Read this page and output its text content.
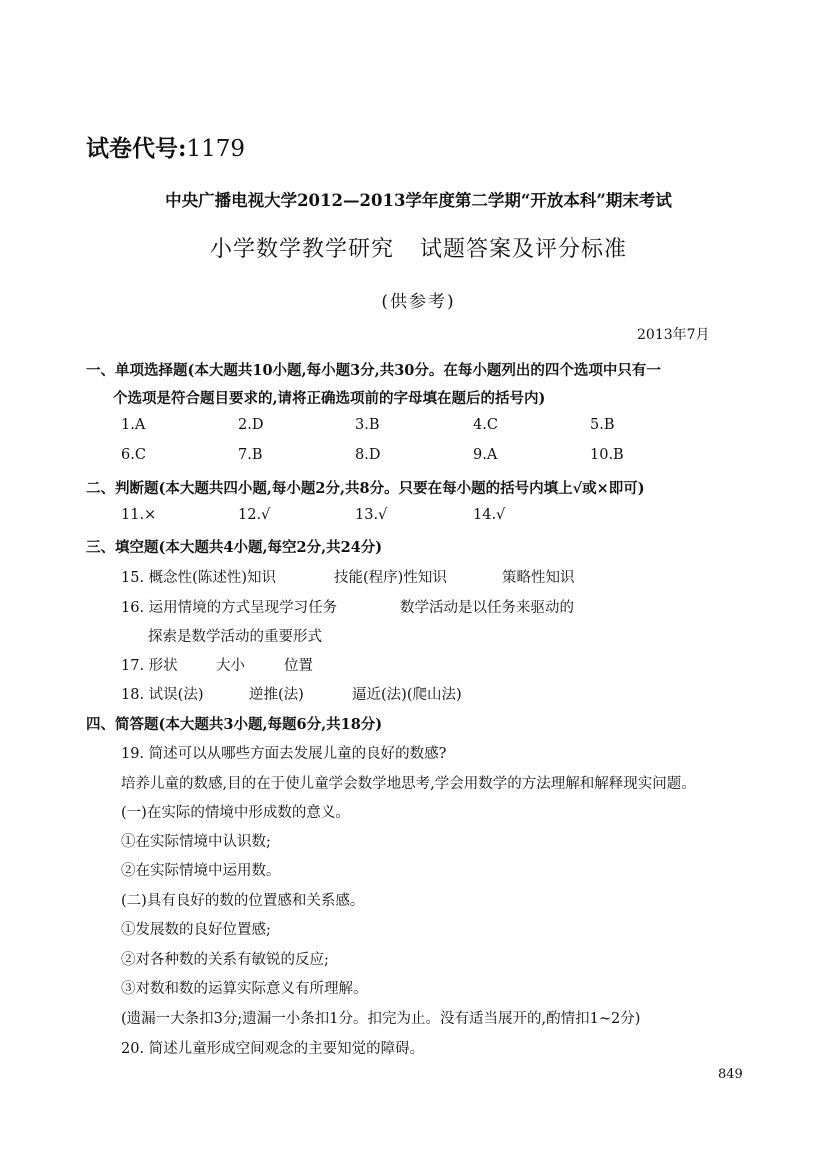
试卷代号:1179
中央广播电视大学2012—2013学年度第二学期“开放本科”期末考试
小学数学教学研究 试题答案及评分标准
(供参考)
2013年7月
一、单项选择题(本大题共10小题,每小题3分,共30分。在每小题列出的四个选项中只有一
个选项是符合题目要求的,请将正确选项前的字母填在题后的括号内)
1.A	2.D	3.B	4.C	5.B
6.C	7.B	8.D	9.A	10.B
二、判断题(本大题共四小题,每小题2分,共8分。只要在每小题的括号内填上√或×即可)
11.×	12.√	13.√	14.√
三、填空题(本大题共4小题,每空2分,共24分)
15. 概念性(陈述性)知识	技能(程序)性知识	策略性知识
16. 运用情境的方式呈现学习任务	数学活动是以任务来驱动的
探索是数学活动的重要形式
17. 形状	大小	位置
18. 试误(法)	逆推(法)	逼近(法)(爬山法)
四、简答题(本大题共3小题,每题6分,共18分)
19. 简述可以从哪些方面去发展儿童的良好的数感?
培养儿童的数感,目的在于使儿童学会数学地思考,学会用数学的方法理解和解释现实问题。
(一)在实际的情境中形成数的意义。
①在实际情境中认识数;
②在实际情境中运用数。
(二)具有良好的数的位置感和关系感。
①发展数的良好位置感;
②对各种数的关系有敏锐的反应;
③对数和数的运算实际意义有所理解。
(遗漏一大条扣3分;遗漏一小条扣1分。扣完为止。没有适当展开的,酌情扣1~2分)
20. 简述儿童形成空间观念的主要知觉的障碍。
849
